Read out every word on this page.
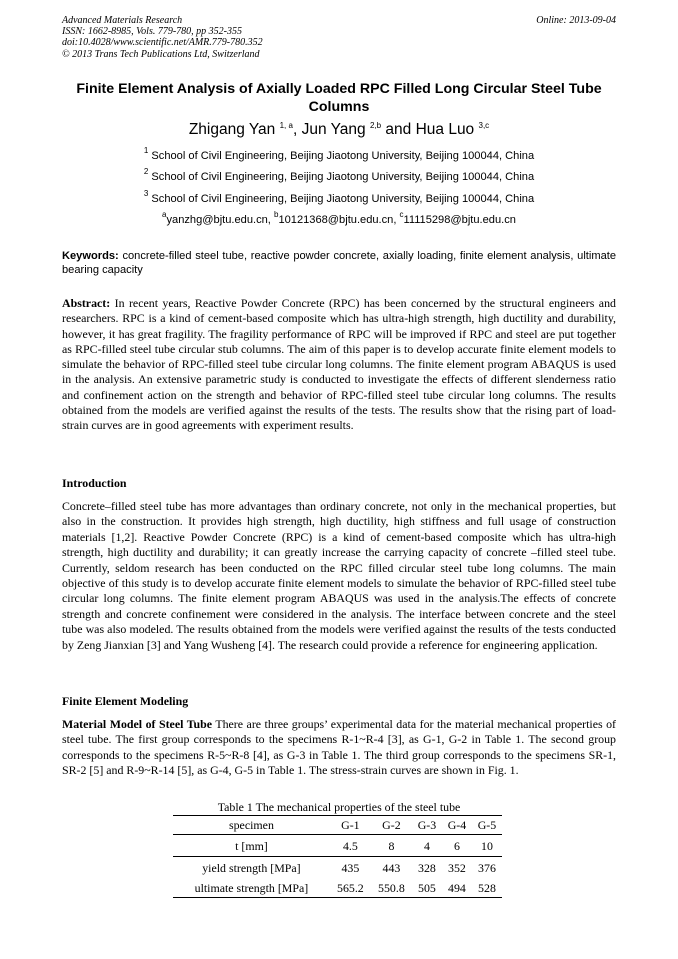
Advanced Materials Research
ISSN: 1662-8985, Vols. 779-780, pp 352-355
doi:10.4028/www.scientific.net/AMR.779-780.352
© 2013 Trans Tech Publications Ltd, Switzerland
Online: 2013-09-04
Finite Element Analysis of Axially Loaded RPC Filled Long Circular Steel Tube Columns
Zhigang Yan $^{1, a}$, Jun Yang $^{2,b}$ and Hua Luo $^{3,c}$
$^1$ School of Civil Engineering, Beijing Jiaotong University, Beijing 100044, China
$^2$ School of Civil Engineering, Beijing Jiaotong University, Beijing 100044, China
$^3$ School of Civil Engineering, Beijing Jiaotong University, Beijing 100044, China
$^a$yanzhg@bjtu.edu.cn, $^b$10121368@bjtu.edu.cn, $^c$11115298@bjtu.edu.cn
Keywords: concrete-filled steel tube, reactive powder concrete, axially loading, finite element analysis, ultimate bearing capacity
Abstract: In recent years, Reactive Powder Concrete (RPC) has been concerned by the structural engineers and researchers. RPC is a kind of cement-based composite which has ultra-high strength, high ductility and durability, however, it has great fragility. The fragility performance of RPC will be improved if RPC and steel are put together as RPC-filled steel tube circular stub columns. The aim of this paper is to develop accurate finite element models to simulate the behavior of RPC-filled steel tube circular long columns. The finite element program ABAQUS is used in the analysis. An extensive parametric study is conducted to investigate the effects of different slenderness ratio and confinement action on the strength and behavior of RPC-filled steel tube circular long columns. The results obtained from the models are verified against the results of the tests. The results show that the rising part of load-strain curves are in good agreements with experiment results.
Introduction
Concrete–filled steel tube has more advantages than ordinary concrete, not only in the mechanical properties, but also in the construction. It provides high strength, high ductility, high stiffness and full usage of construction materials [1,2]. Reactive Powder Concrete (RPC) is a kind of cement-based composite which has ultra-high strength, high ductility and durability; it can greatly increase the carrying capacity of concrete –filled steel tube. Currently, seldom research has been conducted on the RPC filled circular steel tube long columns. The main objective of this study is to develop accurate finite element models to simulate the behavior of RPC-filled steel tube circular long columns. The finite element program ABAQUS was used in the analysis.The effects of concrete strength and concrete confinement were considered in the analysis. The interface between concrete and the steel tube was also modeled. The results obtained from the models were verified against the results of the tests conducted by Zeng Jianxian [3] and Yang Wusheng [4]. The research could provide a reference for engineering application.
Finite Element Modeling
Material Model of Steel Tube There are three groups’ experimental data for the material mechanical properties of steel tube. The first group corresponds to the specimens R-1~R-4 [3], as G-1, G-2 in Table 1. The second group corresponds to the specimens R-5~R-8 [4], as G-3 in Table 1. The third group corresponds to the specimens SR-1, SR-2 [5] and R-9~R-14 [5], as G-4, G-5 in Table 1. The stress-strain curves are shown in Fig. 1.
Table 1 The mechanical properties of the steel tube
specimen	G-1	G-2	G-3	G-4	G-5
t [mm]	4.5	8	4	6	10
yield strength [MPa]	435	443	328	352	376
ultimate strength [MPa]	565.2	550.8	505	494	528
